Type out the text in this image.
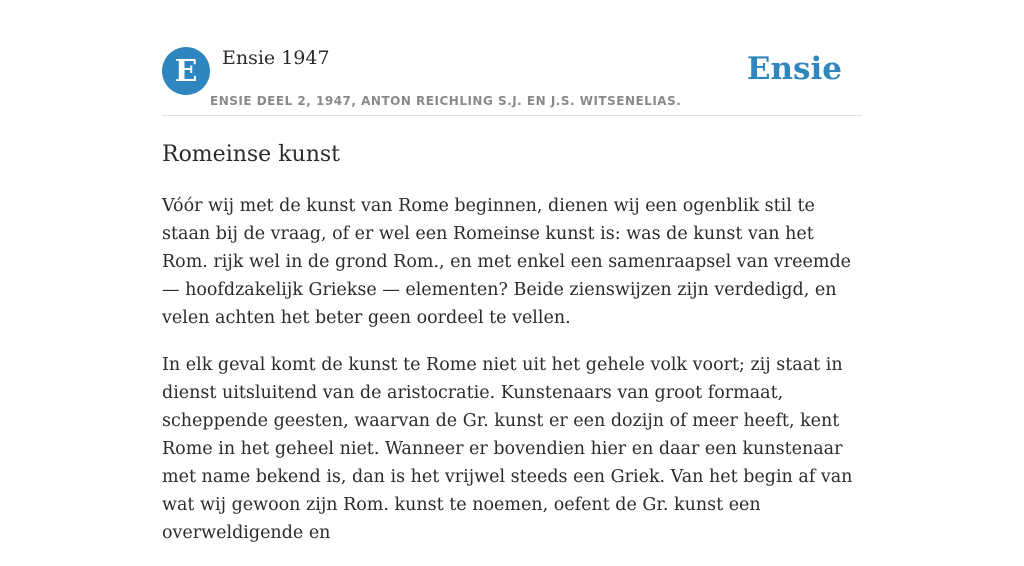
E	Ensie 1947
ENSIE DEEL 2, 1947, ANTON REICHLING S.J. EN J.S. WITSENELIAS.
Ensie
Romeinse kunst

Vóór wij met de kunst van Rome beginnen, dienen wij een ogenblik stil te staan bij de vraag, of er wel een Romeinse kunst is: was de kunst van het Rom. rijk wel in de grond Rom., en met enkel een samenraapsel van vreemde — hoofdzakelijk Griekse — elementen? Beide zienswijzen zijn verdedigd, en velen achten het beter geen oordeel te vellen.

In elk geval komt de kunst te Rome niet uit het gehele volk voort; zij staat in dienst uitsluitend van de aristocratie. Kunstenaars van groot formaat, scheppende geesten, waarvan de Gr. kunst er een dozijn of meer heeft, kent Rome in het geheel niet. Wanneer er bovendien hier en daar een kunstenaar met name bekend is, dan is het vrijwel steeds een Griek. Van het begin af van wat wij gewoon zijn Rom. kunst te noemen, oefent de Gr. kunst een overweldigende en
